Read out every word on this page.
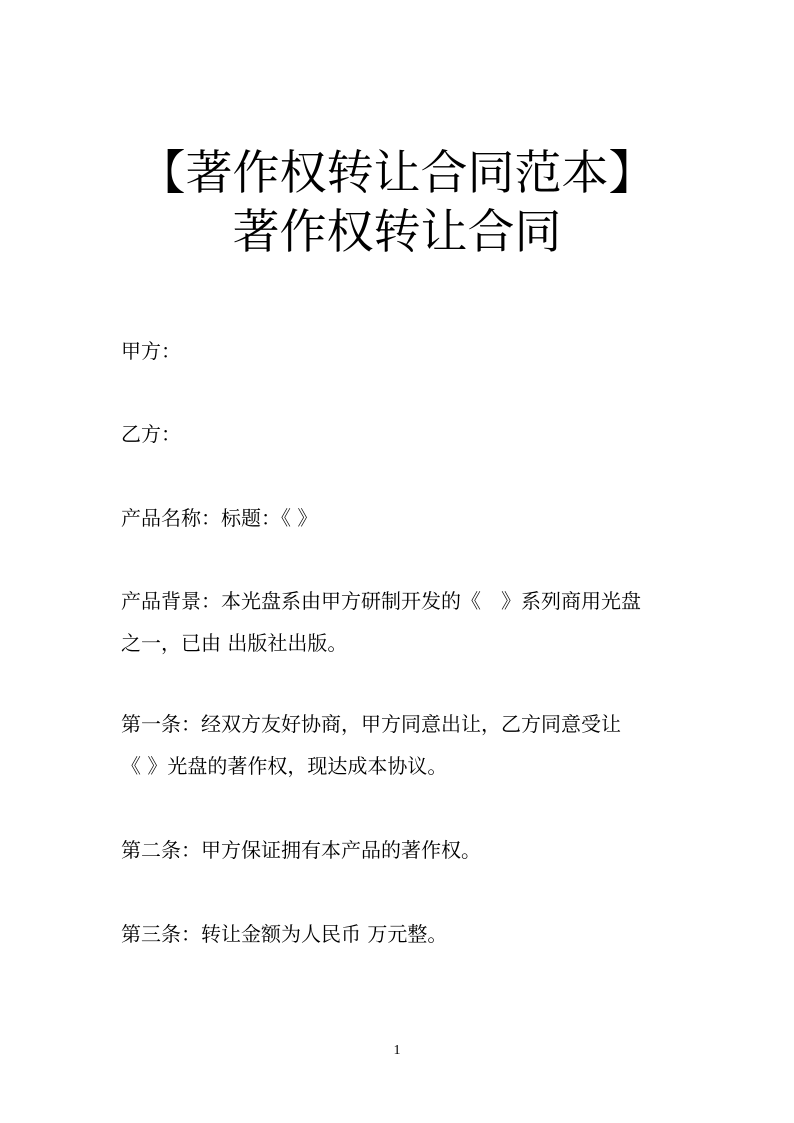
【著作权转让合同范本】
著作权转让合同
甲方：
乙方：
产品名称：标题：《 》
产品背景：本光盘系由甲方研制开发的《　》系列商用光盘
之一，已由 出版社出版。
第一条：经双方友好协商，甲方同意出让，乙方同意受让
《 》光盘的著作权，现达成本协议。
第二条：甲方保证拥有本产品的著作权。
第三条：转让金额为人民币 万元整。
1
